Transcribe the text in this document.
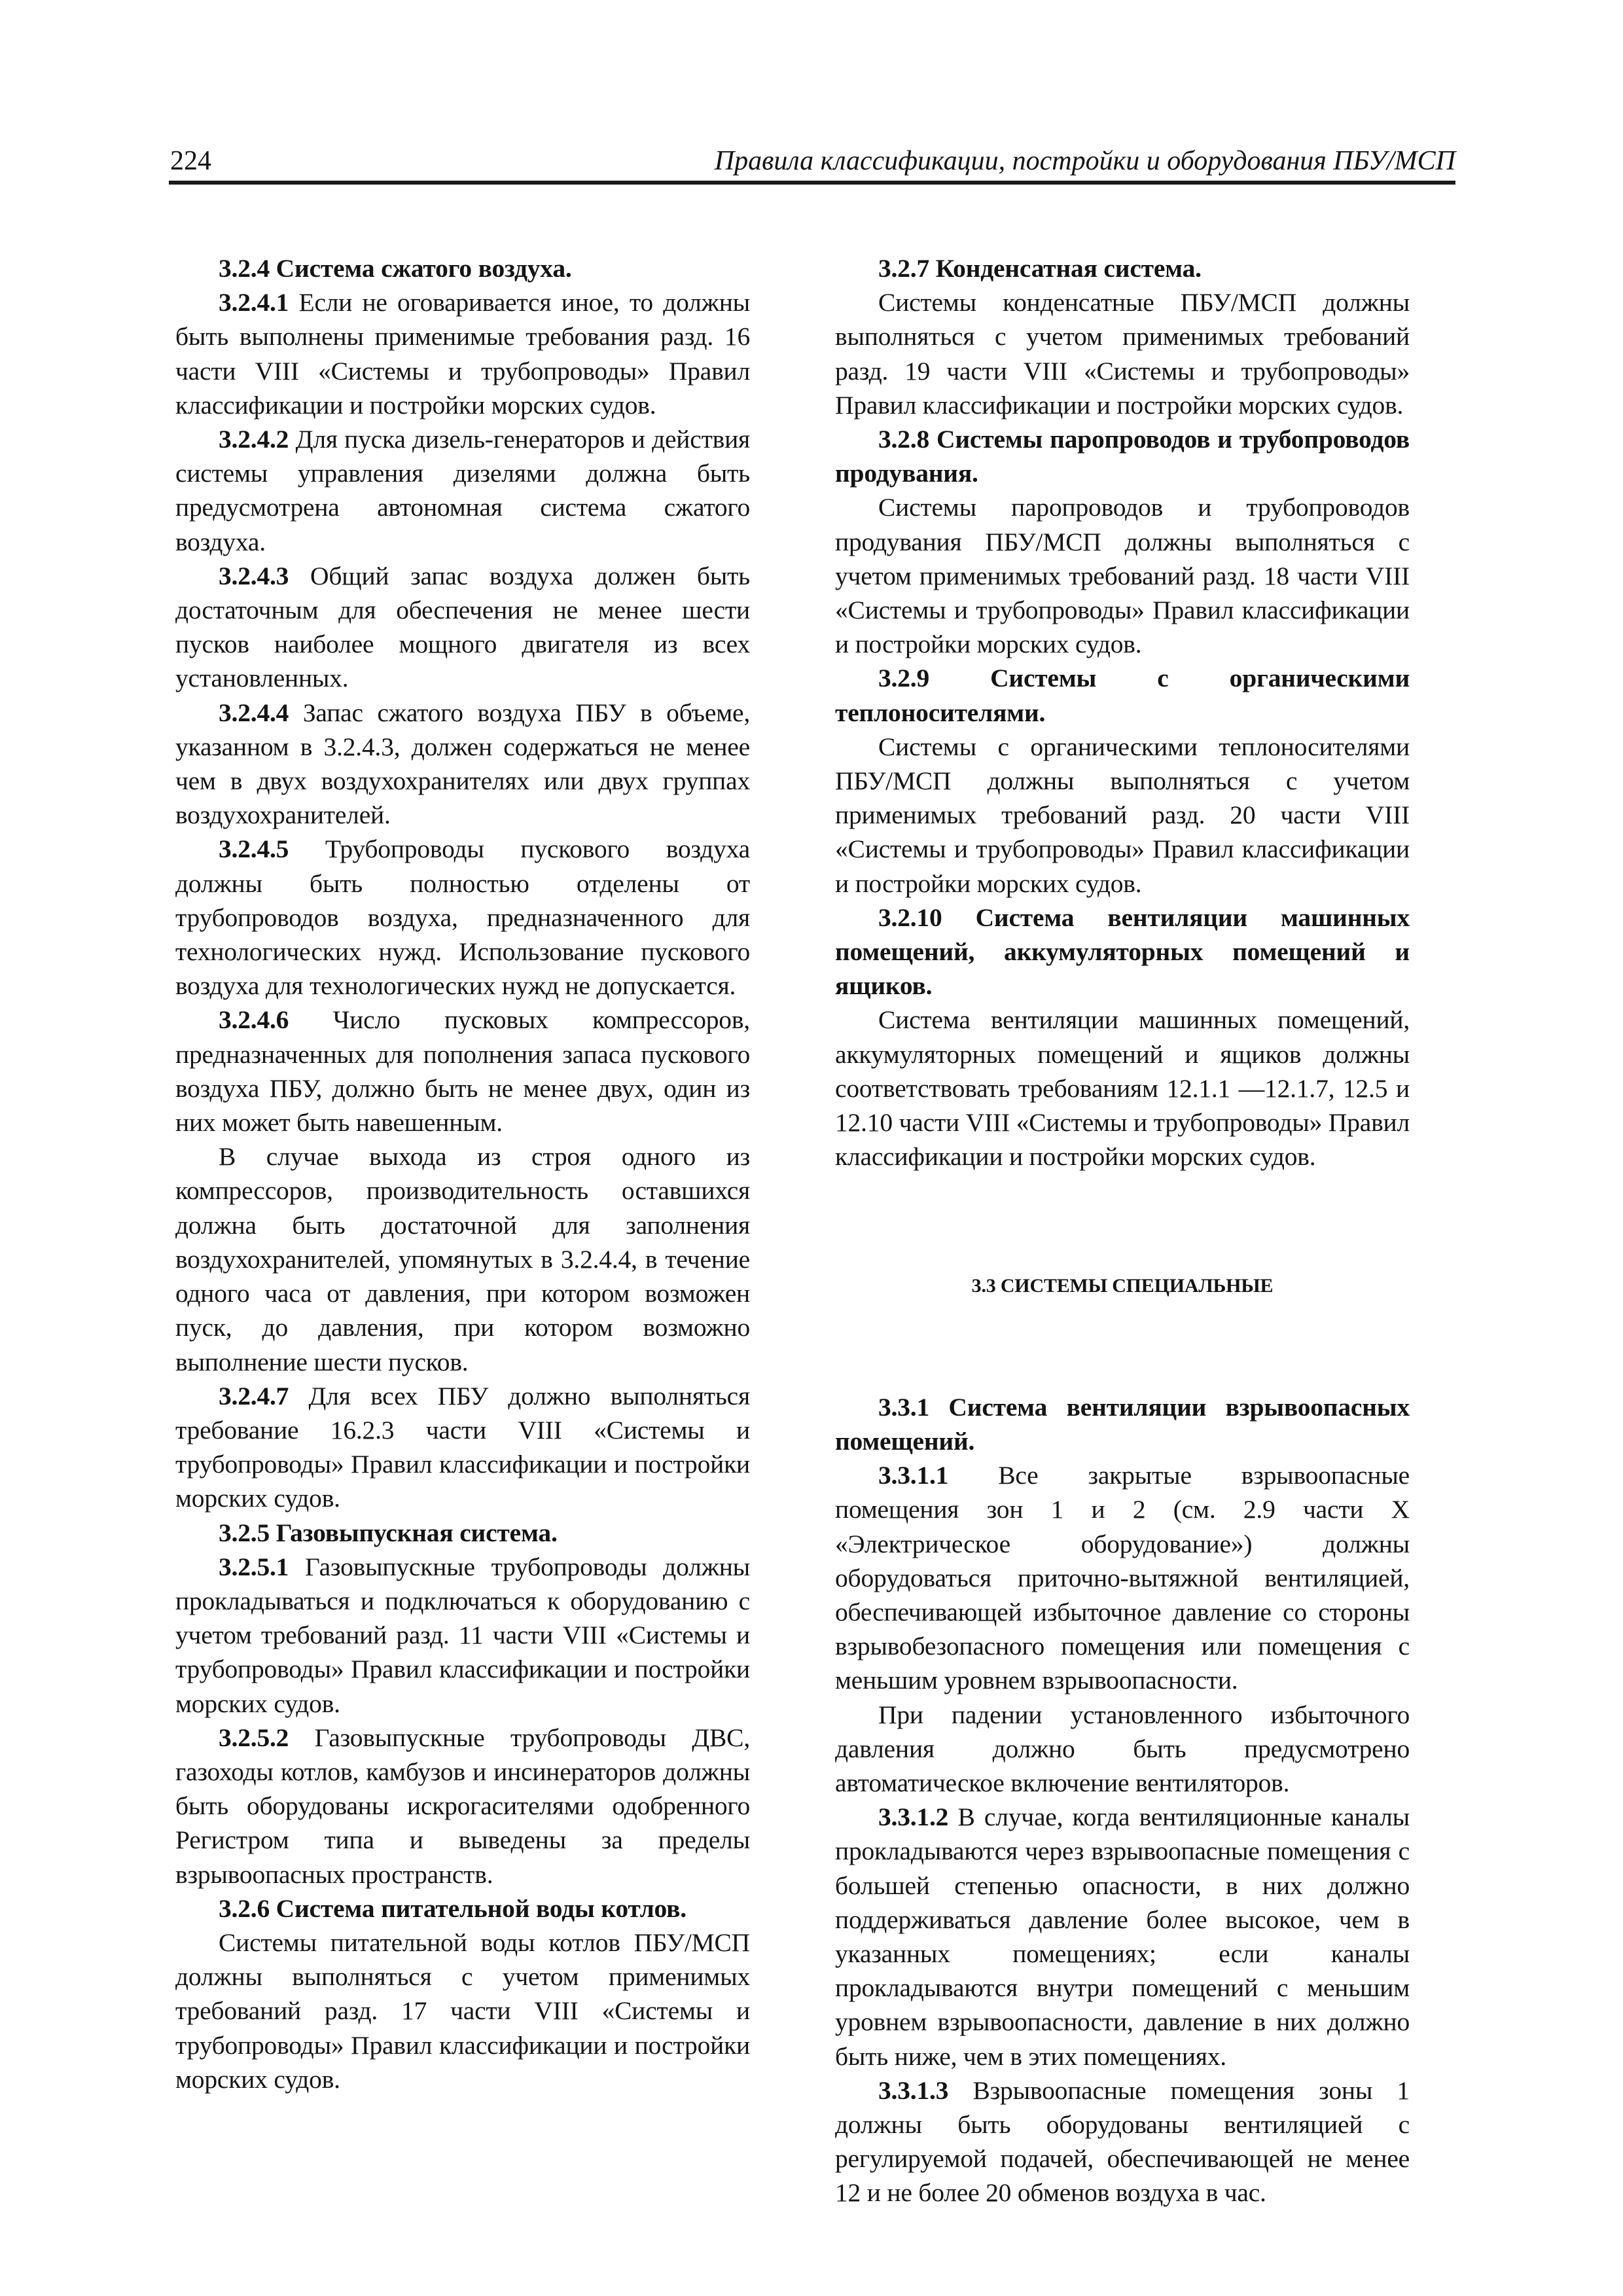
224	Правила классификации, постройки и оборудования ПБУ/МСП

3.2.4 Система сжатого воздуха.

3.2.4.1 Если не оговаривается иное, то должны быть выполнены применимые требования разд. 16 части VIII «Системы и трубопроводы» Правил классификации и постройки морских судов.

3.2.4.2 Для пуска дизель-генераторов и действия системы управления дизелями должна быть предусмотрена автономная система сжатого воздуха.

3.2.4.3 Общий запас воздуха должен быть достаточным для обеспечения не менее шести пусков наиболее мощного двигателя из всех установленных.

3.2.4.4 Запас сжатого воздуха ПБУ в объеме, указанном в 3.2.4.3, должен содержаться не менее чем в двух воздухохранителях или двух группах воздухохранителей.

3.2.4.5 Трубопроводы пускового воздуха должны быть полностью отделены от трубопроводов воздуха, предназначенного для технологических нужд. Использование пускового воздуха для технологических нужд не допускается.

3.2.4.6 Число пусковых компрессоров, предназначенных для пополнения запаса пускового воздуха ПБУ, должно быть не менее двух, один из них может быть навешенным.

В случае выхода из строя одного из компрессоров, производительность оставшихся должна быть достаточной для заполнения воздухохранителей, упомянутых в 3.2.4.4, в течение одного часа от давления, при котором возможен пуск, до давления, при котором возможно выполнение шести пусков.

3.2.4.7 Для всех ПБУ должно выполняться требование 16.2.3 части VIII «Системы и трубопроводы» Правил классификации и постройки морских судов.

3.2.5 Газовыпускная система.

3.2.5.1 Газовыпускные трубопроводы должны прокладываться и подключаться к оборудованию с учетом требований разд. 11 части VIII «Системы и трубопроводы» Правил классификации и постройки морских судов.

3.2.5.2 Газовыпускные трубопроводы ДВС, газоходы котлов, камбузов и инсинераторов должны быть оборудованы искрогасителями одобренного Регистром типа и выведены за пределы взрывоопасных пространств.

3.2.6 Система питательной воды котлов.

Системы питательной воды котлов ПБУ/МСП должны выполняться с учетом применимых требований разд. 17 части VIII «Системы и трубопроводы» Правил классификации и постройки морских судов.

3.2.7 Конденсатная система.

Системы конденсатные ПБУ/МСП должны выполняться с учетом применимых требований разд. 19 части VIII «Системы и трубопроводы» Правил классификации и постройки морских судов.

3.2.8 Системы паропроводов и трубопроводов продувания.

Системы паропроводов и трубопроводов продувания ПБУ/МСП должны выполняться с учетом применимых требований разд. 18 части VIII «Системы и трубопроводы» Правил классификации и постройки морских судов.

3.2.9 Системы с органическими теплоносителями.

Системы с органическими теплоносителями ПБУ/МСП должны выполняться с учетом применимых требований разд. 20 части VIII «Системы и трубопроводы» Правил классификации и постройки морских судов.

3.2.10 Система вентиляции машинных помещений, аккумуляторных помещений и ящиков.

Система вентиляции машинных помещений, аккумуляторных помещений и ящиков должны соответствовать требованиям 12.1.1 —12.1.7, 12.5 и 12.10 части VIII «Системы и трубопроводы» Правил классификации и постройки морских судов.

3.3 СИСТЕМЫ СПЕЦИАЛЬНЫЕ

3.3.1 Система вентиляции взрывоопасных помещений.

3.3.1.1 Все закрытые взрывоопасные помещения зон 1 и 2 (см. 2.9 части X «Электрическое оборудование») должны оборудоваться приточно-вытяжной вентиляцией, обеспечивающей избыточное давление со стороны взрывобезопасного помещения или помещения с меньшим уровнем взрывоопасности.

При падении установленного избыточного давления должно быть предусмотрено автоматическое включение вентиляторов.

3.3.1.2 В случае, когда вентиляционные каналы прокладываются через взрывоопасные помещения с большей степенью опасности, в них должно поддерживаться давление более высокое, чем в указанных помещениях; если каналы прокладываются внутри помещений с меньшим уровнем взрывоопасности, давление в них должно быть ниже, чем в этих помещениях.

3.3.1.3 Взрывоопасные помещения зоны 1 должны быть оборудованы вентиляцией с регулируемой подачей, обеспечивающей не менее 12 и не более 20 обменов воздуха в час.
